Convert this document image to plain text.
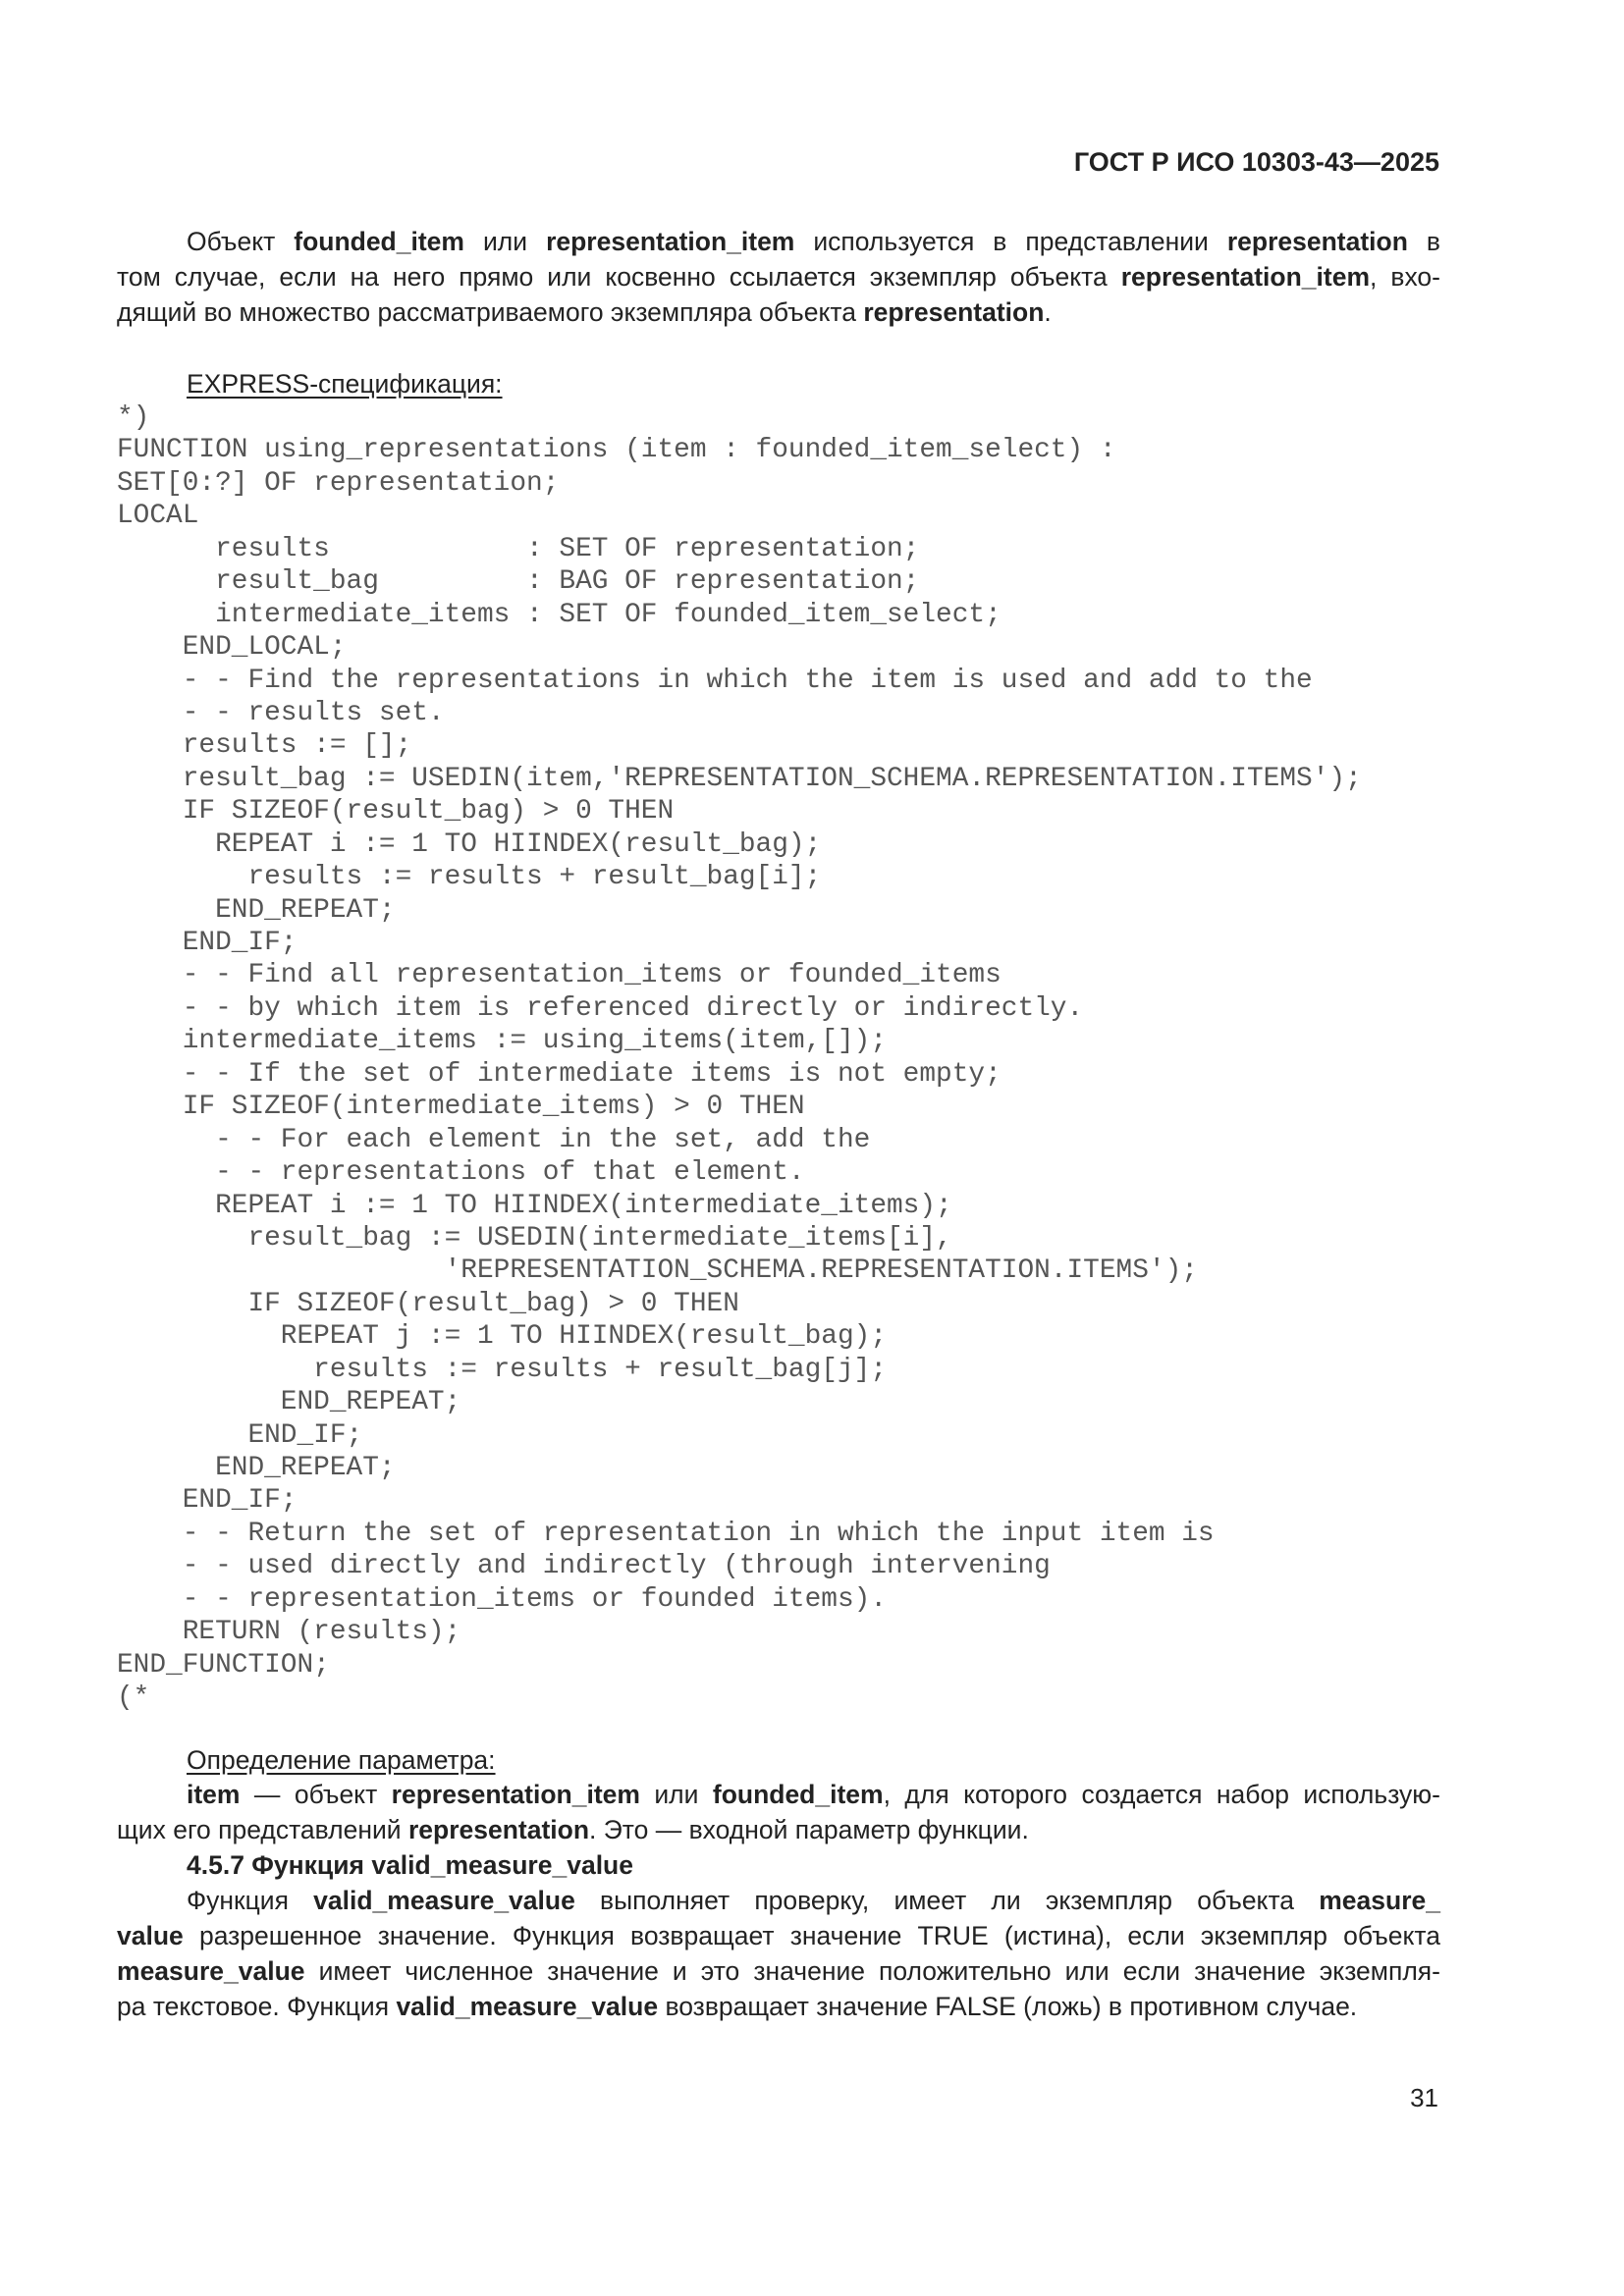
ГОСТ Р ИСО 10303-43—2025
Объект founded_item или representation_item используется в представлении representation в
том случае, если на него прямо или косвенно ссылается экземпляр объекта representation_item, вхо-
дящий во множество рассматриваемого экземпляра объекта representation.
EXPRESS-спецификация:
*)
FUNCTION using_representations (item : founded_item_select) :
SET[0:?] OF representation;
LOCAL
results            : SET OF representation;
result_bag         : BAG OF representation;
intermediate_items : SET OF founded_item_select;
END_LOCAL;
- - Find the representations in which the item is used and add to the
- - results set.
results := [];
result_bag := USEDIN(item,'REPRESENTATION_SCHEMA.REPRESENTATION.ITEMS');
IF SIZEOF(result_bag) > 0 THEN
REPEAT i := 1 TO HIINDEX(result_bag);
results := results + result_bag[i];
END_REPEAT;
END_IF;
- - Find all representation_items or founded_items
- - by which item is referenced directly or indirectly.
intermediate_items := using_items(item,[]);
- - If the set of intermediate items is not empty;
IF SIZEOF(intermediate_items) > 0 THEN
- - For each element in the set, add the
- - representations of that element.
REPEAT i := 1 TO HIINDEX(intermediate_items);
result_bag := USEDIN(intermediate_items[i],
'REPRESENTATION_SCHEMA.REPRESENTATION.ITEMS');
IF SIZEOF(result_bag) > 0 THEN
REPEAT j := 1 TO HIINDEX(result_bag);
results := results + result_bag[j];
END_REPEAT;
END_IF;
END_REPEAT;
END_IF;
- - Return the set of representation in which the input item is
- - used directly and indirectly (through intervening
- - representation_items or founded items).
RETURN (results);
END_FUNCTION;
(*
Определение параметра:
item — объект representation_item или founded_item, для которого создается набор использую-
щих его представлений representation. Это — входной параметр функции.
4.5.7 Функция valid_measure_value
Функция valid_measure_value выполняет проверку, имеет ли экземпляр объекта measure_
value разрешенное значение. Функция возвращает значение TRUE (истина), если экземпляр объекта
measure_value имеет численное значение и это значение положительно или если значение экземпля-
ра текстовое. Функция valid_measure_value возвращает значение FALSE (ложь) в противном случае.
31
